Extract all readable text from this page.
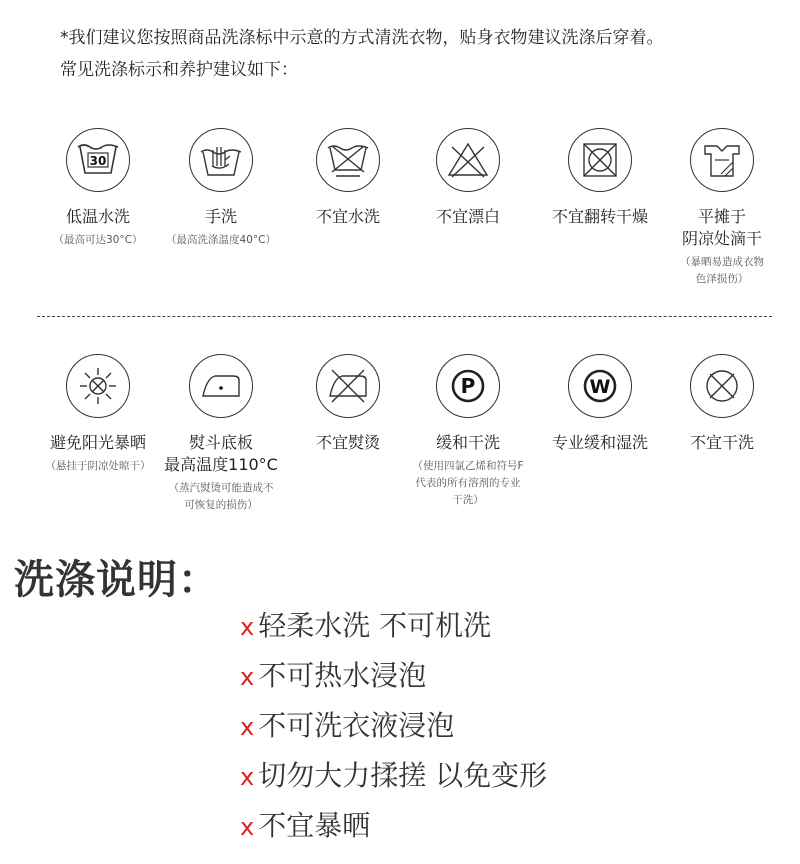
*我们建议您按照商品洗涤标中示意的方式清洗衣物，贴身衣物建议洗涤后穿着。
常见洗涤标示和养护建议如下：
30
低温水洗
（最高可达30°C）
手洗
（最高洗涤温度40°C）
不宜水洗	不宜漂白	不宜翻转干燥	平摊于
阴凉处滴干
（暴晒易造成衣物
色泽损伤）
避免阳光暴晒
（悬挂于阴凉处晾干）
熨斗底板
最高温度110°C
（蒸汽熨烫可能造成不
可恢复的损伤）
不宜熨烫
P
缓和干洗
（使用四氯乙烯和符号F
代表的所有溶剂的专业
干洗）
W
专业缓和湿洗	不宜干洗
洗涤说明：
x 轻柔水洗 不可机洗
x 不可热水浸泡
x 不可洗衣液浸泡
x 切勿大力揉搓 以免变形
x 不宜暴晒
